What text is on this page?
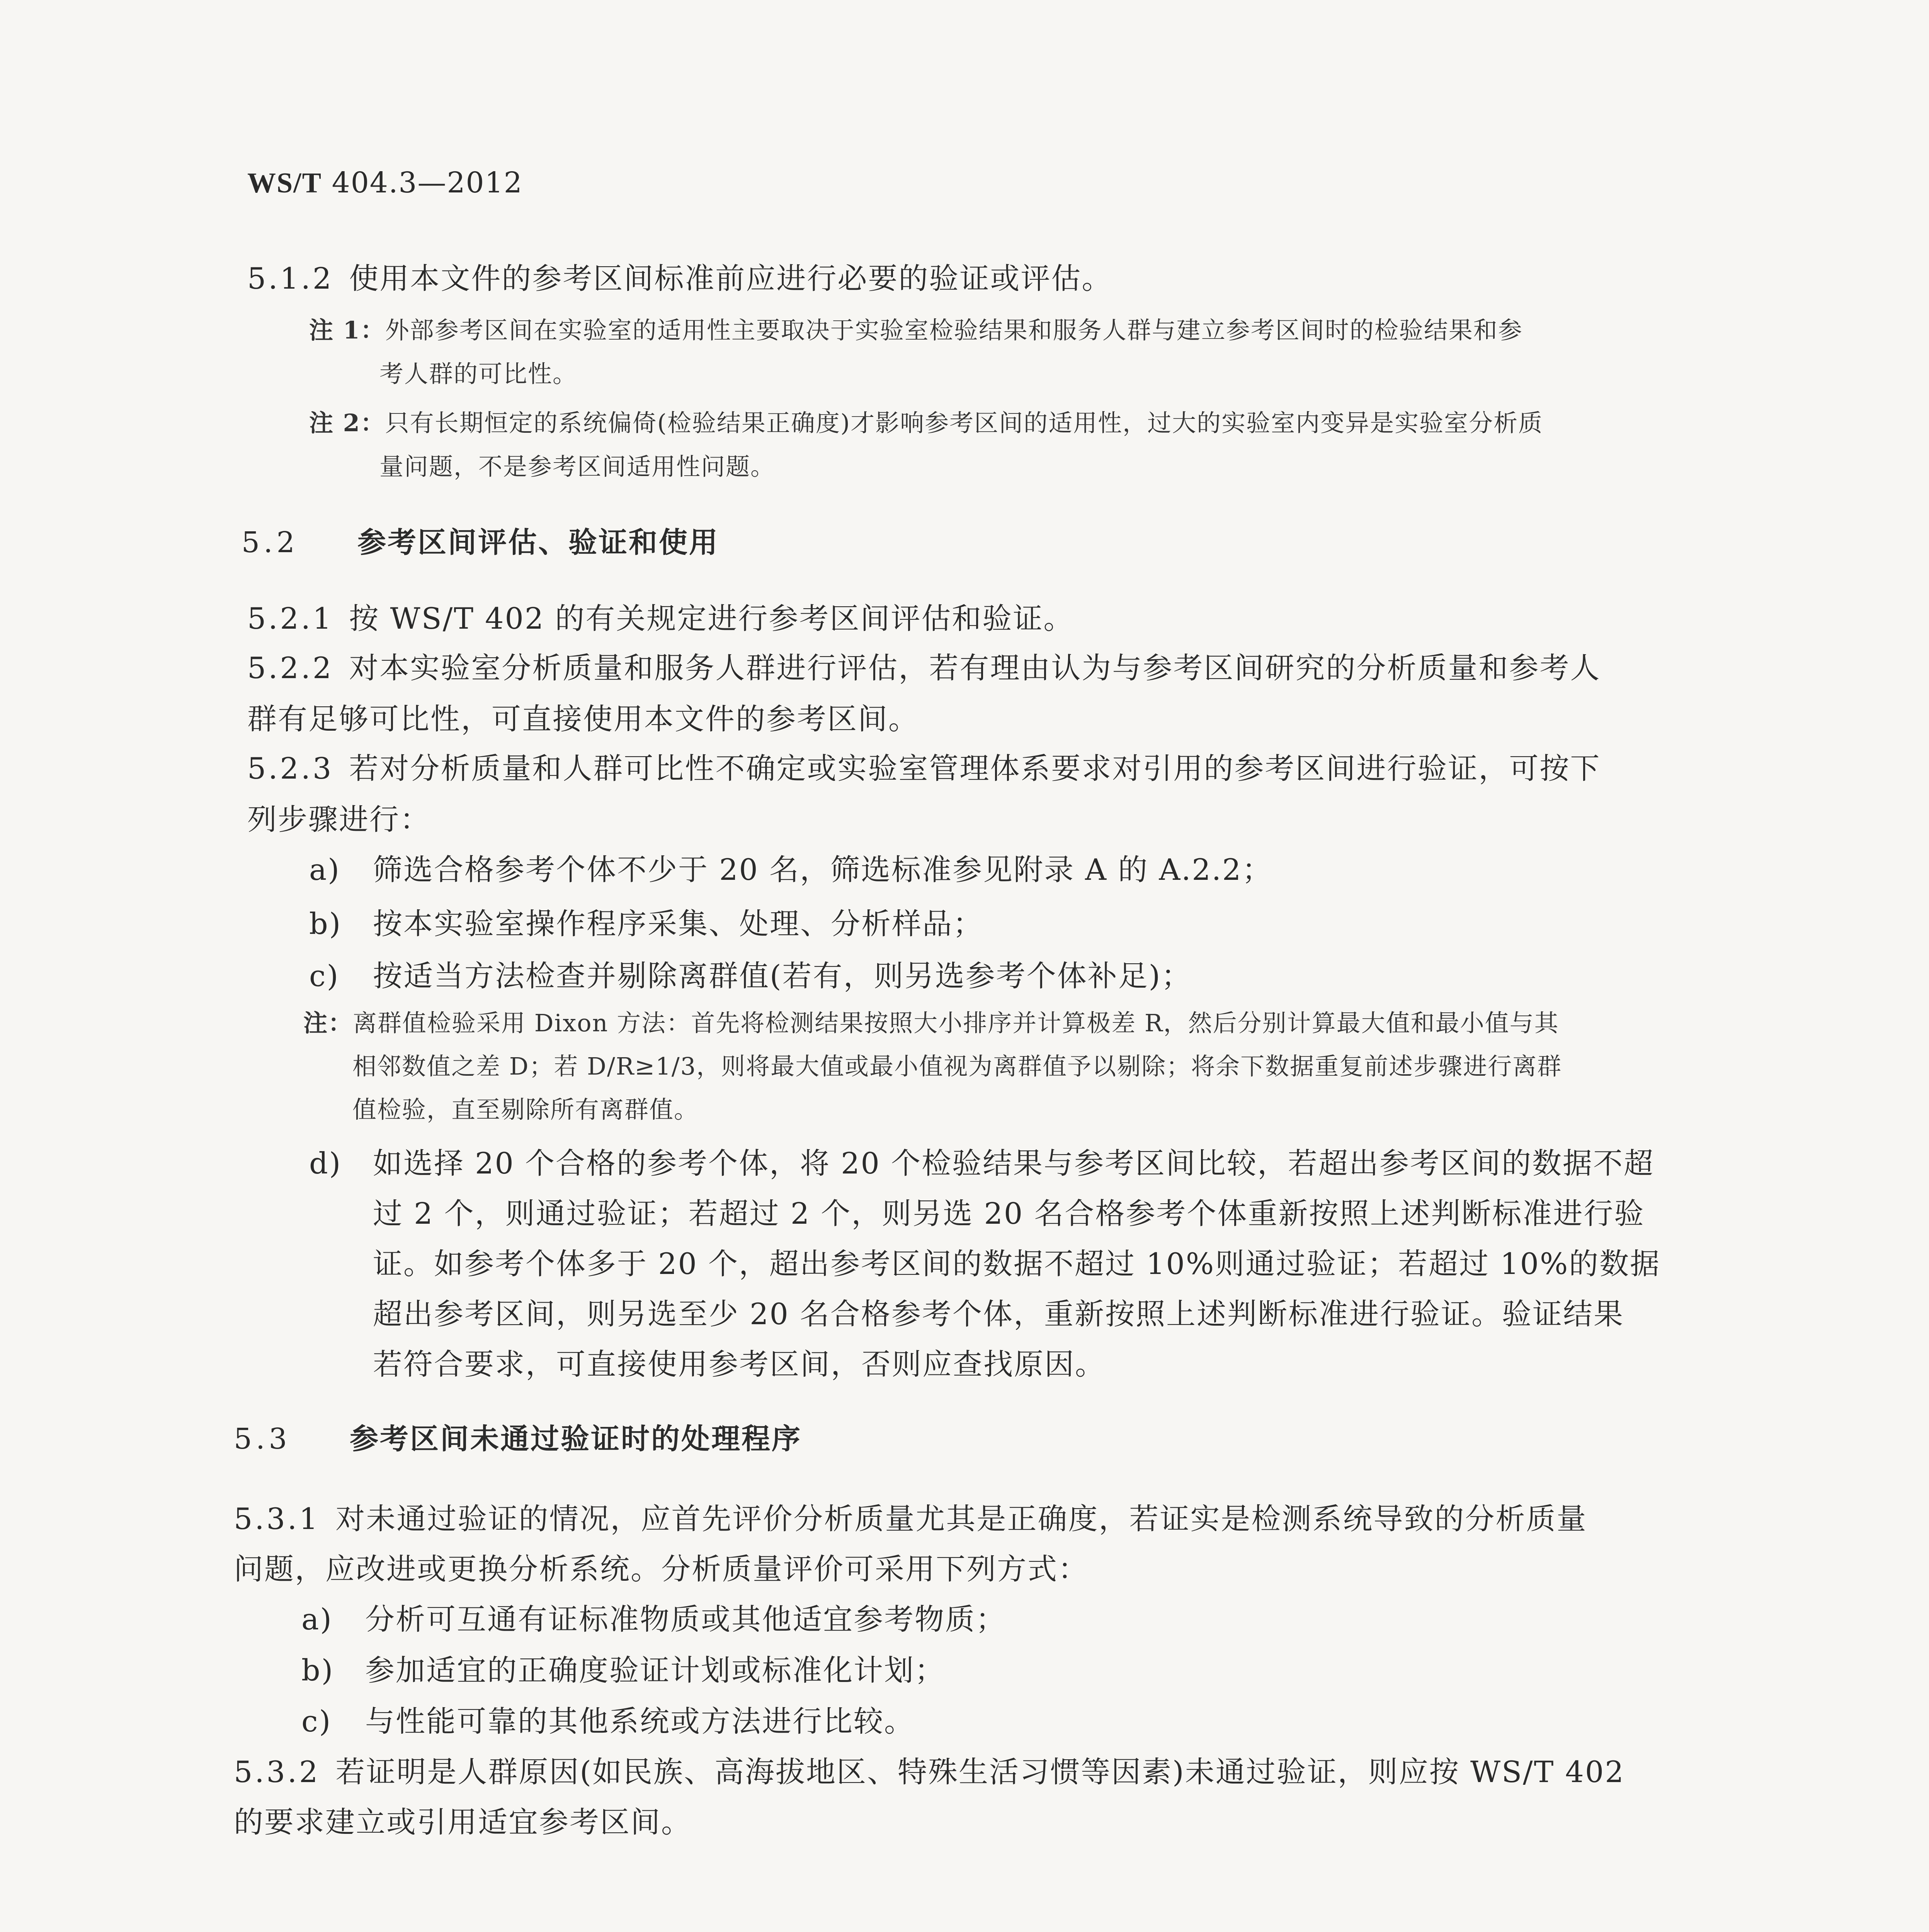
WS/T 404.3—2012
5.1.2 使用本文件的参考区间标准前应进行必要的验证或评估。
注 1：外部参考区间在实验室的适用性主要取决于实验室检验结果和服务人群与建立参考区间时的检验结果和参
考人群的可比性。
注 2：只有长期恒定的系统偏倚(检验结果正确度)才影响参考区间的适用性，过大的实验室内变异是实验室分析质
量问题，不是参考区间适用性问题。
5.2 参考区间评估、验证和使用
5.2.1 按 WS/T 402 的有关规定进行参考区间评估和验证。
5.2.2 对本实验室分析质量和服务人群进行评估，若有理由认为与参考区间研究的分析质量和参考人
群有足够可比性，可直接使用本文件的参考区间。
5.2.3 若对分析质量和人群可比性不确定或实验室管理体系要求对引用的参考区间进行验证，可按下
列步骤进行：
a) 筛选合格参考个体不少于 20 名，筛选标准参见附录 A 的 A.2.2；
b) 按本实验室操作程序采集、处理、分析样品；
c) 按适当方法检查并剔除离群值(若有，则另选参考个体补足)；
注：离群值检验采用 Dixon 方法：首先将检测结果按照大小排序并计算极差 R，然后分别计算最大值和最小值与其
相邻数值之差 D；若 D/R≥1/3，则将最大值或最小值视为离群值予以剔除；将余下数据重复前述步骤进行离群
值检验，直至剔除所有离群值。
d) 如选择 20 个合格的参考个体，将 20 个检验结果与参考区间比较，若超出参考区间的数据不超
过 2 个，则通过验证；若超过 2 个，则另选 20 名合格参考个体重新按照上述判断标准进行验
证。如参考个体多于 20 个，超出参考区间的数据不超过 10%则通过验证；若超过 10%的数据
超出参考区间，则另选至少 20 名合格参考个体，重新按照上述判断标准进行验证。验证结果
若符合要求，可直接使用参考区间，否则应查找原因。
5.3 参考区间未通过验证时的处理程序
5.3.1 对未通过验证的情况，应首先评价分析质量尤其是正确度，若证实是检测系统导致的分析质量
问题，应改进或更换分析系统。分析质量评价可采用下列方式：
a) 分析可互通有证标准物质或其他适宜参考物质；
b) 参加适宜的正确度验证计划或标准化计划；
c) 与性能可靠的其他系统或方法进行比较。
5.3.2 若证明是人群原因(如民族、高海拔地区、特殊生活习惯等因素)未通过验证，则应按 WS/T 402
的要求建立或引用适宜参考区间。
